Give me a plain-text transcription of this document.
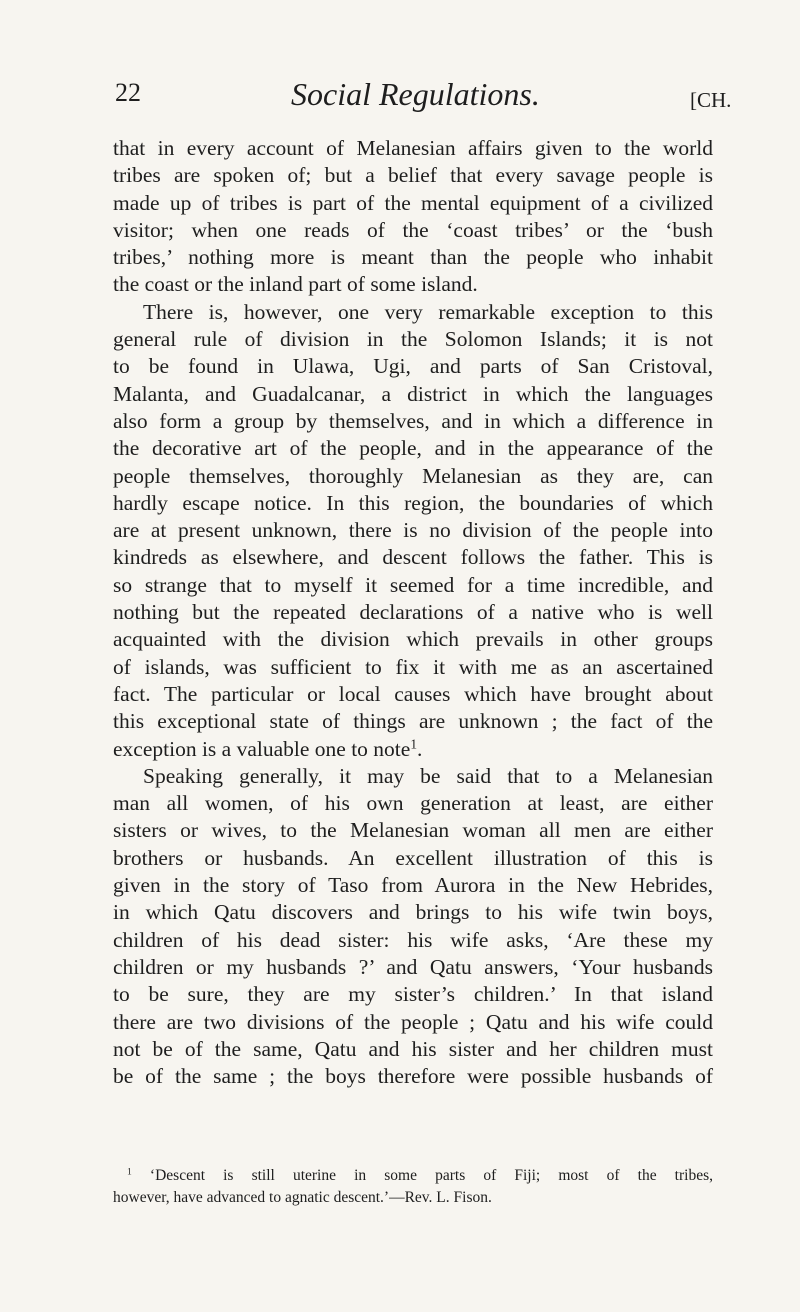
22	Social Regulations.	[CH.
that in every account of Melanesian affairs given to the world
tribes are spoken of; but a belief that every savage people is
made up of tribes is part of the mental equipment of a civilized
visitor; when one reads of the ‘coast tribes’ or the ‘bush
tribes,’ nothing more is meant than the people who inhabit
the coast or the inland part of some island.
There is, however, one very remarkable exception to this
general rule of division in the Solomon Islands; it is not
to be found in Ulawa, Ugi, and parts of San Cristoval,
Malanta, and Guadalcanar, a district in which the languages
also form a group by themselves, and in which a difference in
the decorative art of the people, and in the appearance of the
people themselves, thoroughly Melanesian as they are, can
hardly escape notice. In this region, the boundaries of which
are at present unknown, there is no division of the people into
kindreds as elsewhere, and descent follows the father. This is
so strange that to myself it seemed for a time incredible, and
nothing but the repeated declarations of a native who is well
acquainted with the division which prevails in other groups
of islands, was sufficient to fix it with me as an ascertained
fact. The particular or local causes which have brought about
this exceptional state of things are unknown ; the fact of the
exception is a valuable one to note$^1$.
Speaking generally, it may be said that to a Melanesian
man all women, of his own generation at least, are either
sisters or wives, to the Melanesian woman all men are either
brothers or husbands. An excellent illustration of this is
given in the story of Taso from Aurora in the New Hebrides,
in which Qatu discovers and brings to his wife twin boys,
children of his dead sister: his wife asks, ‘Are these my
children or my husbands ?’ and Qatu answers, ‘Your husbands
to be sure, they are my sister’s children.’ In that island
there are two divisions of the people ; Qatu and his wife could
not be of the same, Qatu and his sister and her children must
be of the same ; the boys therefore were possible husbands of
$^1$ ‘Descent is still uterine in some parts of Fiji; most of the tribes,
however, have advanced to agnatic descent.’—Rev. L. Fison.
